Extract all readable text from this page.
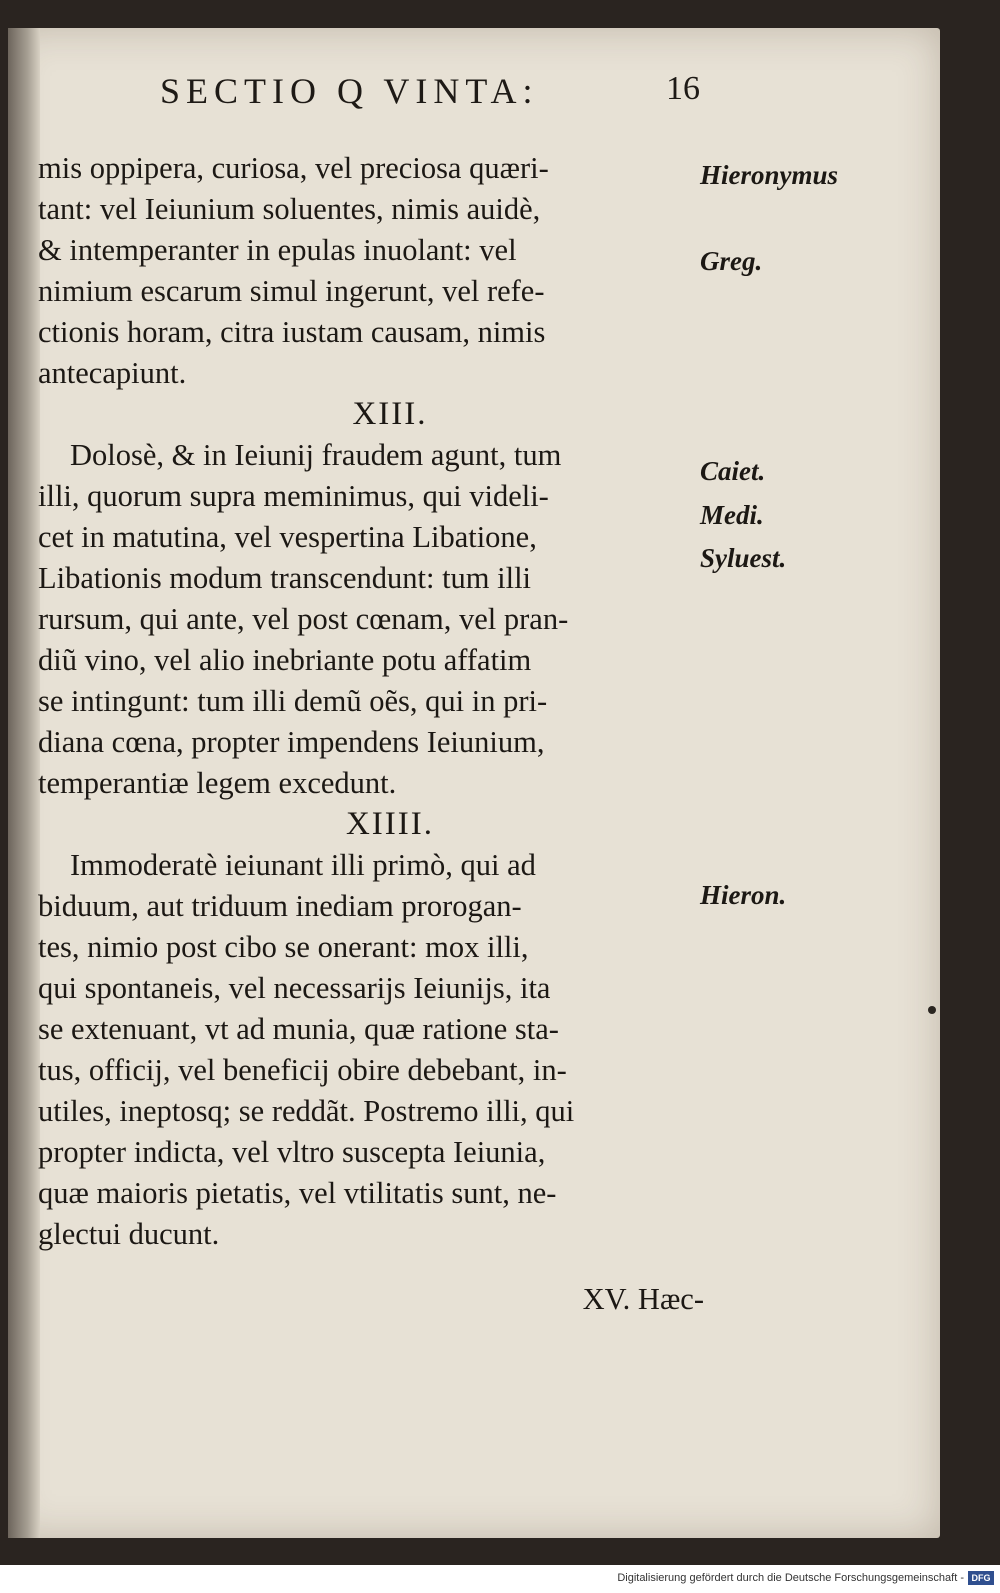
SECTIO Q VINTA:	16
mis oppipera, curiosa, vel preciosa quæri-
tant: vel Ieiunium soluentes, nimis auidè,
& intemperanter in epulas inuolant: vel
nimium escarum simul ingerunt, vel refe-
ctionis horam, citra iustam causam, nimis
antecapiunt.
XIII.
Dolosè, & in Ieiunij fraudem agunt, tum
illi, quorum supra meminimus, qui videli-
cet in matutina, vel vespertina Libatione,
Libationis modum transcendunt: tum illi
rursum, qui ante, vel post cœnam, vel pran-
diũ vino, vel alio inebriante potu affatim
se intingunt: tum illi demũ oẽs, qui in pri-
diana cœna, propter impendens Ieiunium,
temperantiæ legem excedunt.
XIIII.
Immoderatè ieiunant illi primò, qui ad
biduum, aut triduum inediam prorogan-
tes, nimio post cibo se onerant: mox illi,
qui spontaneis, vel necessarijs Ieiunijs, ita
se extenuant, vt ad munia, quæ ratione sta-
tus, officij, vel beneficij obire debebant, in-
utiles, ineptosq; se reddãt. Postremo illi, qui
propter indicta, vel vltro suscepta Ieiunia,
quæ maioris pietatis, vel vtilitatis sunt, ne-
glectui ducunt.
XV. Hæc-
Hieronymus
Greg.
Caiet.
Medi.
Syluest.
Hieron.
Digitalisierung gefördert durch die Deutsche Forschungsgemeinschaft - DFG
